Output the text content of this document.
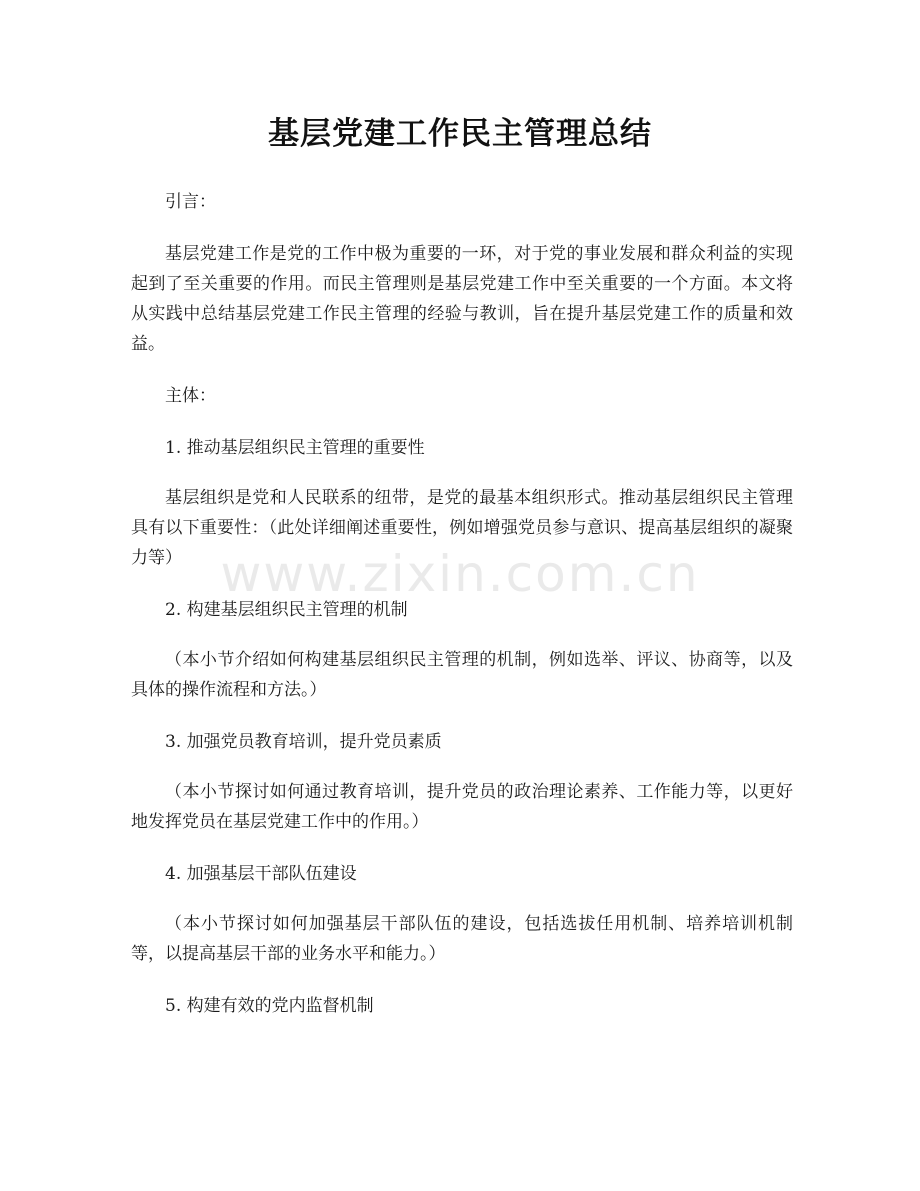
基层党建工作民主管理总结

引言：

基层党建工作是党的工作中极为重要的一环，对于党的事业发展和群众利益的实现起到了至关重要的作用。而民主管理则是基层党建工作中至关重要的一个方面。本文将从实践中总结基层党建工作民主管理的经验与教训，旨在提升基层党建工作的质量和效益。

主体：

1. 推动基层组织民主管理的重要性

基层组织是党和人民联系的纽带，是党的最基本组织形式。推动基层组织民主管理具有以下重要性：（此处详细阐述重要性，例如增强党员参与意识、提高基层组织的凝聚力等）

2. 构建基层组织民主管理的机制

（本小节介绍如何构建基层组织民主管理的机制，例如选举、评议、协商等，以及具体的操作流程和方法。）

3. 加强党员教育培训，提升党员素质

（本小节探讨如何通过教育培训，提升党员的政治理论素养、工作能力等，以更好地发挥党员在基层党建工作中的作用。）

4. 加强基层干部队伍建设

（本小节探讨如何加强基层干部队伍的建设，包括选拔任用机制、培养培训机制等，以提高基层干部的业务水平和能力。）

5. 构建有效的党内监督机制

www.zixin.com.cn
